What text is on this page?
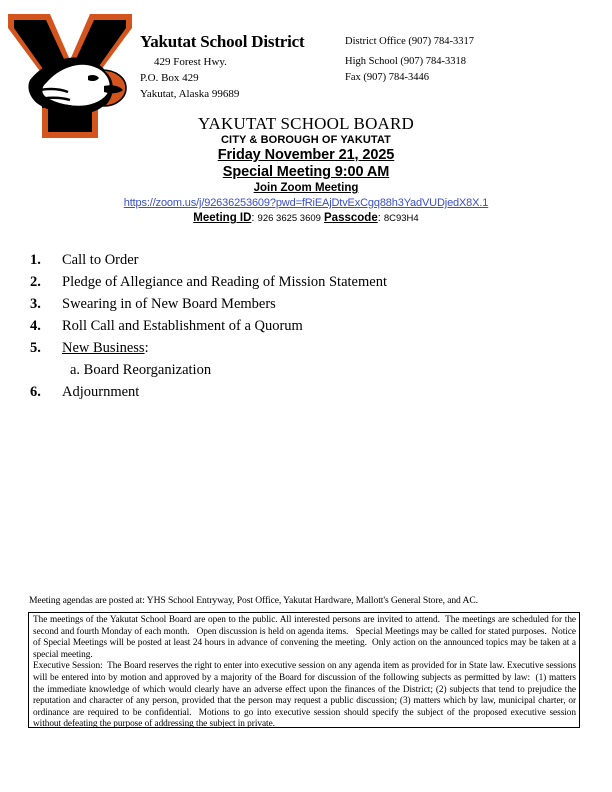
Yakutat School District	District Office (907) 784-3317
429 Forest Hwy.	High School (907) 784-3318
P.O. Box 429	Fax (907) 784-3446
Yakutat, Alaska 99689
YAKUTAT SCHOOL BOARD
CITY & BOROUGH OF YAKUTAT
Friday November 21, 2025
Special Meeting 9:00 AM
Join Zoom Meeting
https://zoom.us/j/92636253609?pwd=fRiEAjDtvExCgq88h3YadVUDjedX8X.1
Meeting ID: 926 3625 3609 Passcode: 8C93H4
1.	Call to Order
2.	Pledge of Allegiance and Reading of Mission Statement
3.	Swearing in of New Board Members
4.	Roll Call and Establishment of a Quorum
5.	New Business:
a. Board Reorganization
6.	Adjournment
Meeting agendas are posted at: YHS School Entryway, Post Office, Yakutat Hardware, Mallott's General Store, and AC.

The meetings of the Yakutat School Board are open to the public. All interested persons are invited to attend.  The meetings are scheduled for the second and fourth Monday of each month.   Open discussion is held on agenda items.   Special Meetings may be called for stated purposes.  Notice of Special Meetings will be posted at least 24 hours in advance of convening the meeting.  Only action on the announced topics may be taken at a special meeting.

Executive Session:  The Board reserves the right to enter into executive session on any agenda item as provided for in State law. Executive sessions will be entered into by motion and approved by a majority of the Board for discussion of the following subjects as permitted by law:  (1) matters the immediate knowledge of which would clearly have an adverse effect upon the finances of the District; (2) subjects that tend to prejudice the reputation and character of any person, provided that the person may request a public discussion; (3) matters which by law, municipal charter, or ordinance are required to be confidential.  Motions to go into executive session should specify the subject of the proposed executive session without defeating the purpose of addressing the subject in private.
